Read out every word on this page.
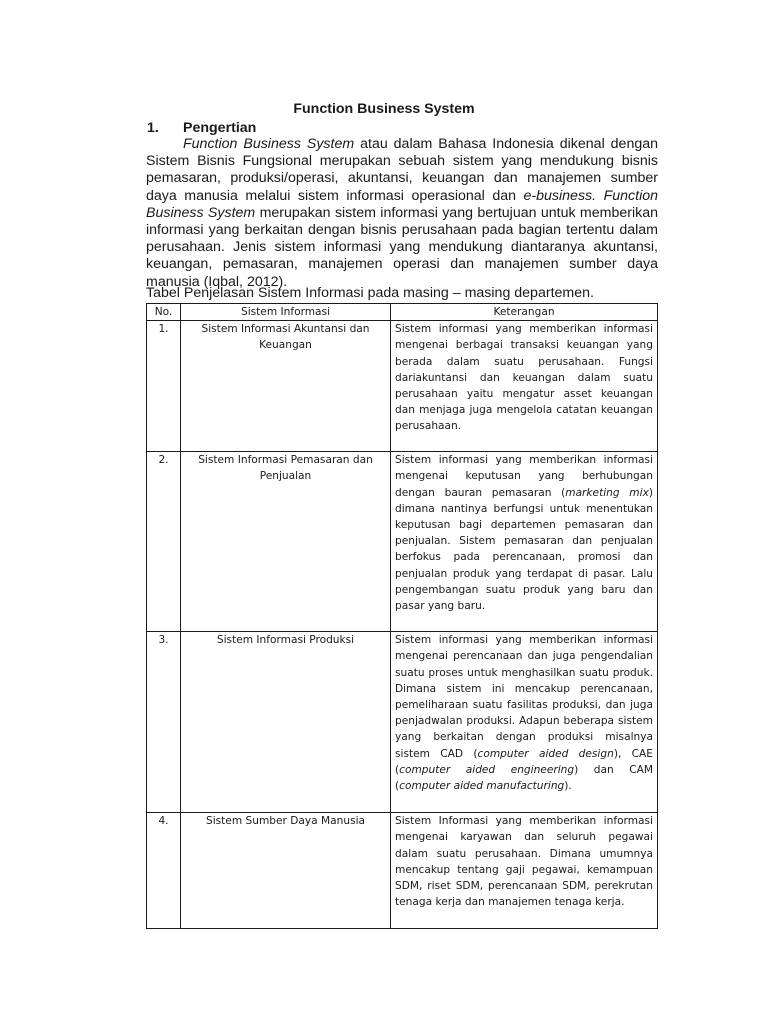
Function Business System
1. Pengertian

Function Business System atau dalam Bahasa Indonesia dikenal dengan Sistem Bisnis Fungsional merupakan sebuah sistem yang mendukung bisnis pemasaran, produksi/operasi, akuntansi, keuangan dan manajemen sumber daya manusia melalui sistem informasi operasional dan e-business. Function Business System merupakan sistem informasi yang bertujuan untuk memberikan informasi yang berkaitan dengan bisnis perusahaan pada bagian tertentu dalam perusahaan. Jenis sistem informasi yang mendukung diantaranya akuntansi, keuangan, pemasaran, manajemen operasi dan manajemen sumber daya manusia (Iqbal, 2012).

Tabel Penjelasan Sistem Informasi pada masing – masing departemen.
No.	Sistem Informasi	Keterangan
1.	Sistem Informasi Akuntansi dan Keuangan	Sistem informasi yang memberikan informasi mengenai berbagai transaksi keuangan yang berada dalam suatu perusahaan. Fungsi dariakuntansi dan keuangan dalam suatu perusahaan yaitu mengatur asset keuangan dan menjaga juga mengelola catatan keuangan perusahaan.
2.	Sistem Informasi Pemasaran dan Penjualan	Sistem informasi yang memberikan informasi mengenai keputusan yang berhubungan dengan bauran pemasaran (marketing mix) dimana nantinya berfungsi untuk menentukan keputusan bagi departemen pemasaran dan penjualan. Sistem pemasaran dan penjualan berfokus pada perencanaan, promosi dan penjualan produk yang terdapat di pasar. Lalu pengembangan suatu produk yang baru dan pasar yang baru.
3.	Sistem Informasi Produksi	Sistem informasi yang memberikan informasi mengenai perencanaan dan juga pengendalian suatu proses untuk menghasilkan suatu produk. Dimana sistem ini mencakup perencanaan, pemeliharaan suatu fasilitas produksi, dan juga penjadwalan produksi. Adapun beberapa sistem yang berkaitan dengan produksi misalnya sistem CAD (computer aided design), CAE (computer aided engineering) dan CAM (computer aided manufacturing).
4.	Sistem Sumber Daya Manusia	Sistem Informasi yang memberikan informasi mengenai karyawan dan seluruh pegawai dalam suatu perusahaan. Dimana umumnya mencakup tentang gaji pegawai, kemampuan SDM, riset SDM, perencanaan SDM, perekrutan tenaga kerja dan manajemen tenaga kerja.
